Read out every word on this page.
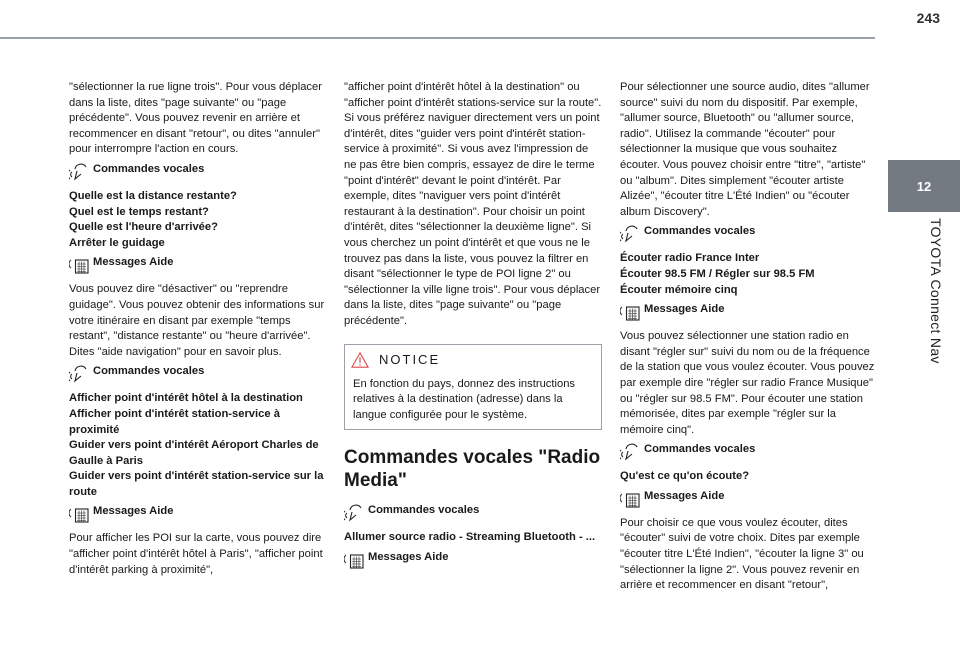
243
12
TOYOTA Connect Nav

"sélectionner la rue ligne trois". Pour vous déplacer dans la liste, dites "page suivante" ou "page précédente". Vous pouvez revenir en arrière et recommencer en disant "retour", ou dites "annuler" pour interrompre l'action en cours.

Commandes vocales
Quelle est la distance restante?
Quel est le temps restant?
Quelle est l'heure d'arrivée?
Arrêter le guidage
Messages Aide

Vous pouvez dire "désactiver" ou "reprendre guidage". Vous pouvez obtenir des informations sur votre itinéraire en disant par exemple "temps restant", "distance restante" ou "heure d'arrivée". Dites "aide navigation" pour en savoir plus.

Commandes vocales
Afficher point d'intérêt hôtel à la destination
Afficher point d'intérêt station-service à proximité
Guider vers point d'intérêt Aéroport Charles de Gaulle à Paris
Guider vers point d'intérêt station-service sur la route
Messages Aide

Pour afficher les POI sur la carte, vous pouvez dire "afficher point d'intérêt hôtel à Paris", "afficher point d'intérêt parking à proximité",

"afficher point d'intérêt hôtel à la destination" ou "afficher point d'intérêt stations-service sur la route". Si vous préférez naviguer directement vers un point d'intérêt, dites "guider vers point d'intérêt station-service à proximité". Si vous avez l'impression de ne pas être bien compris, essayez de dire le terme "point d'intérêt" devant le point d'intérêt. Par exemple, dites "naviguer vers point d'intérêt restaurant à la destination". Pour choisir un point d'intérêt, dites "sélectionner la deuxième ligne". Si vous cherchez un point d'intérêt et que vous ne le trouvez pas dans la liste, vous pouvez la filtrer en disant "sélectionner le type de POI ligne 2" ou "sélectionner la ville ligne trois". Pour vous déplacer dans la liste, dites "page suivante" ou "page précédente".

NOTICE
En fonction du pays, donnez des instructions relatives à la destination (adresse) dans la langue configurée pour le système.
Commandes vocales "Radio Media"
Commandes vocales
Allumer source radio - Streaming Bluetooth - ...
Messages Aide

Pour sélectionner une source audio, dites "allumer source" suivi du nom du dispositif. Par exemple, "allumer source, Bluetooth" ou "allumer source, radio". Utilisez la commande "écouter" pour sélectionner la musique que vous souhaitez écouter. Vous pouvez choisir entre "titre", "artiste" ou "album". Dites simplement "écouter artiste Alizée", "écouter titre L'Été Indien" ou "écouter album Discovery".

Commandes vocales
Écouter radio France Inter
Écouter 98.5 FM / Régler sur 98.5 FM
Écouter mémoire cinq
Messages Aide

Vous pouvez sélectionner une station radio en disant "régler sur" suivi du nom ou de la fréquence de la station que vous voulez écouter. Vous pouvez par exemple dire "régler sur radio France Musique" ou "régler sur 98.5 FM". Pour écouter une station mémorisée, dites par exemple "régler sur la mémoire cinq".

Commandes vocales
Qu'est ce qu'on écoute?
Messages Aide

Pour choisir ce que vous voulez écouter, dites "écouter" suivi de votre choix. Dites par exemple "écouter titre L'Été Indien", "écouter la ligne 3" ou "sélectionner la ligne 2". Vous pouvez revenir en arrière et recommencer en disant "retour",
